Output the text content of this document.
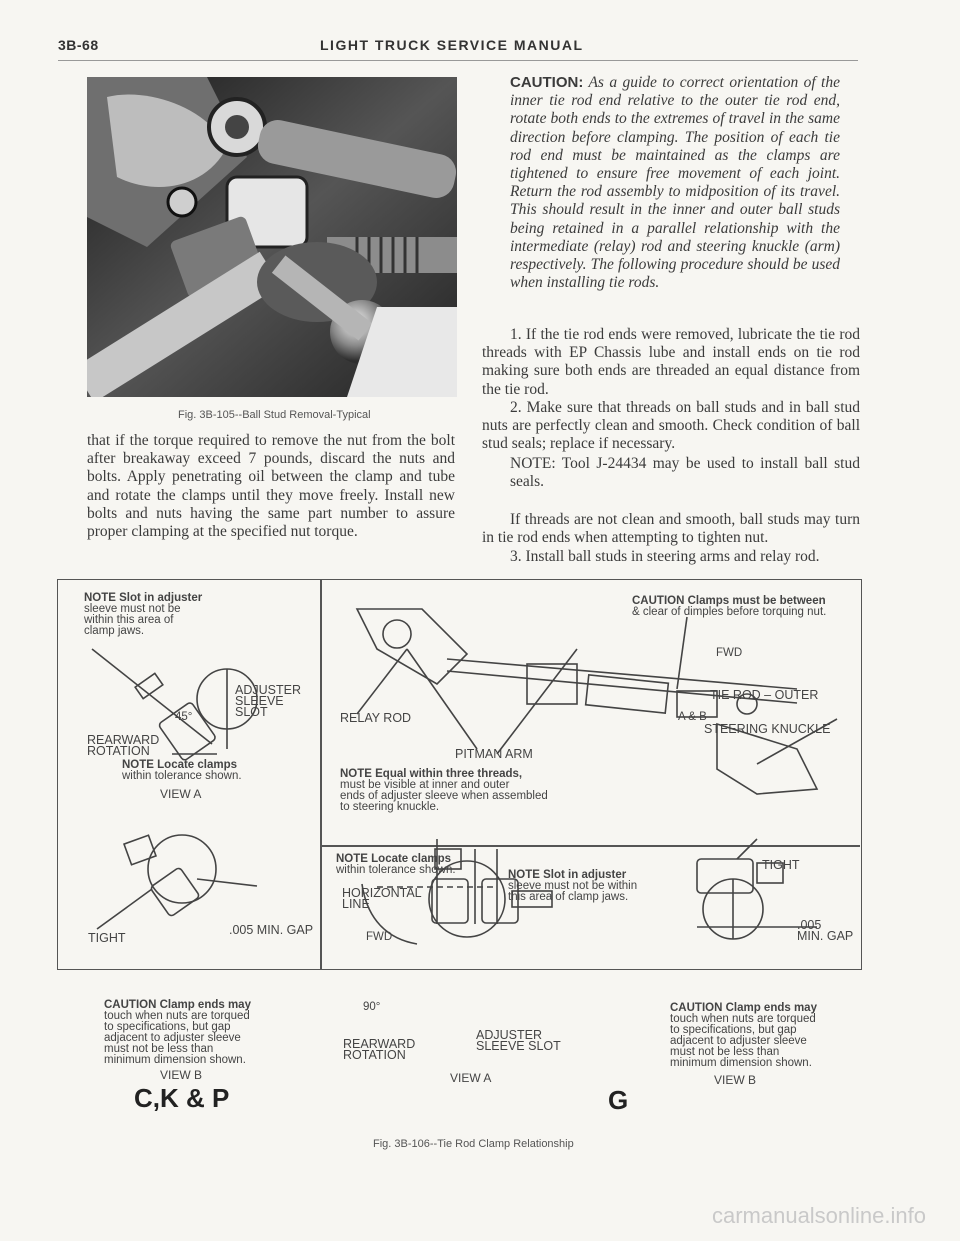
3B-68	LIGHT TRUCK SERVICE MANUAL
Fig. 3B-105--Ball Stud Removal-Typical
that if the torque required to remove the nut from the bolt after breakaway exceed 7 pounds, discard the nuts and bolts. Apply penetrating oil between the clamp and tube and rotate the clamps until they move freely. Install new bolts and nuts having the same part number to assure proper clamping at the specified nut torque.
CAUTION: As a guide to correct orientation of the inner tie rod end relative to the outer tie rod end, rotate both ends to the extremes of travel in the same direction before clamping. The position of each tie rod end must be maintained as the clamps are tightened to ensure free movement of each joint. Return the rod assembly to midposition of its travel. This should result in the inner and outer ball studs being retained in a parallel relationship with the intermediate (relay) rod and steering knuckle (arm) respectively. The following procedure should be used when installing tie rods.
1. If the tie rod ends were removed, lubricate the tie rod threads with EP Chassis lube and install ends on tie rod making sure both ends are threaded an equal distance from the tie rod.
2. Make sure that threads on ball studs and in ball stud nuts are perfectly clean and smooth. Check condition of ball stud seals; replace if necessary.
NOTE: Tool J-24434 may be used to install ball stud seals.
If threads are not clean and smooth, ball studs may turn in tie rod ends when attempting to tighten nut.
3. Install ball studs in steering arms and relay rod.
NOTE Slot in adjuster
sleeve must not be
within this area of
clamp jaws.
ADJUSTER
SLEEVE
SLOT
45°
REARWARD
ROTATION
NOTE Locate clamps
within tolerance shown.
VIEW A
TIGHT
.005 MIN. GAP
CAUTION Clamp ends may
touch when nuts are torqued
to specifications, but gap
adjacent to adjuster sleeve
must not be less than
minimum dimension shown.
VIEW B
C,K & P
CAUTION Clamps must be between
& clear of dimples before torquing nut.
FWD
TIE ROD – OUTER
RELAY ROD
STEERING KNUCKLE
A & B
PITMAN ARM
NOTE Equal within three threads,
must be visible at inner and outer
ends of adjuster sleeve when assembled
to steering knuckle.
NOTE Locate clamps
within tolerance shown.	NOTE Slot in adjuster
sleeve must not be within
this area of clamp jaws.
HORIZONTAL
LINE
FWD
90°
REARWARD
ROTATION
ADJUSTER
SLEEVE SLOT
VIEW A
G
TIGHT
.005
MIN. GAP
CAUTION Clamp ends may
touch when nuts are torqued
to specifications, but gap
adjacent to adjuster sleeve
must not be less than
minimum dimension shown.
VIEW B
Fig. 3B-106--Tie Rod Clamp Relationship
carmanualsonline.info
